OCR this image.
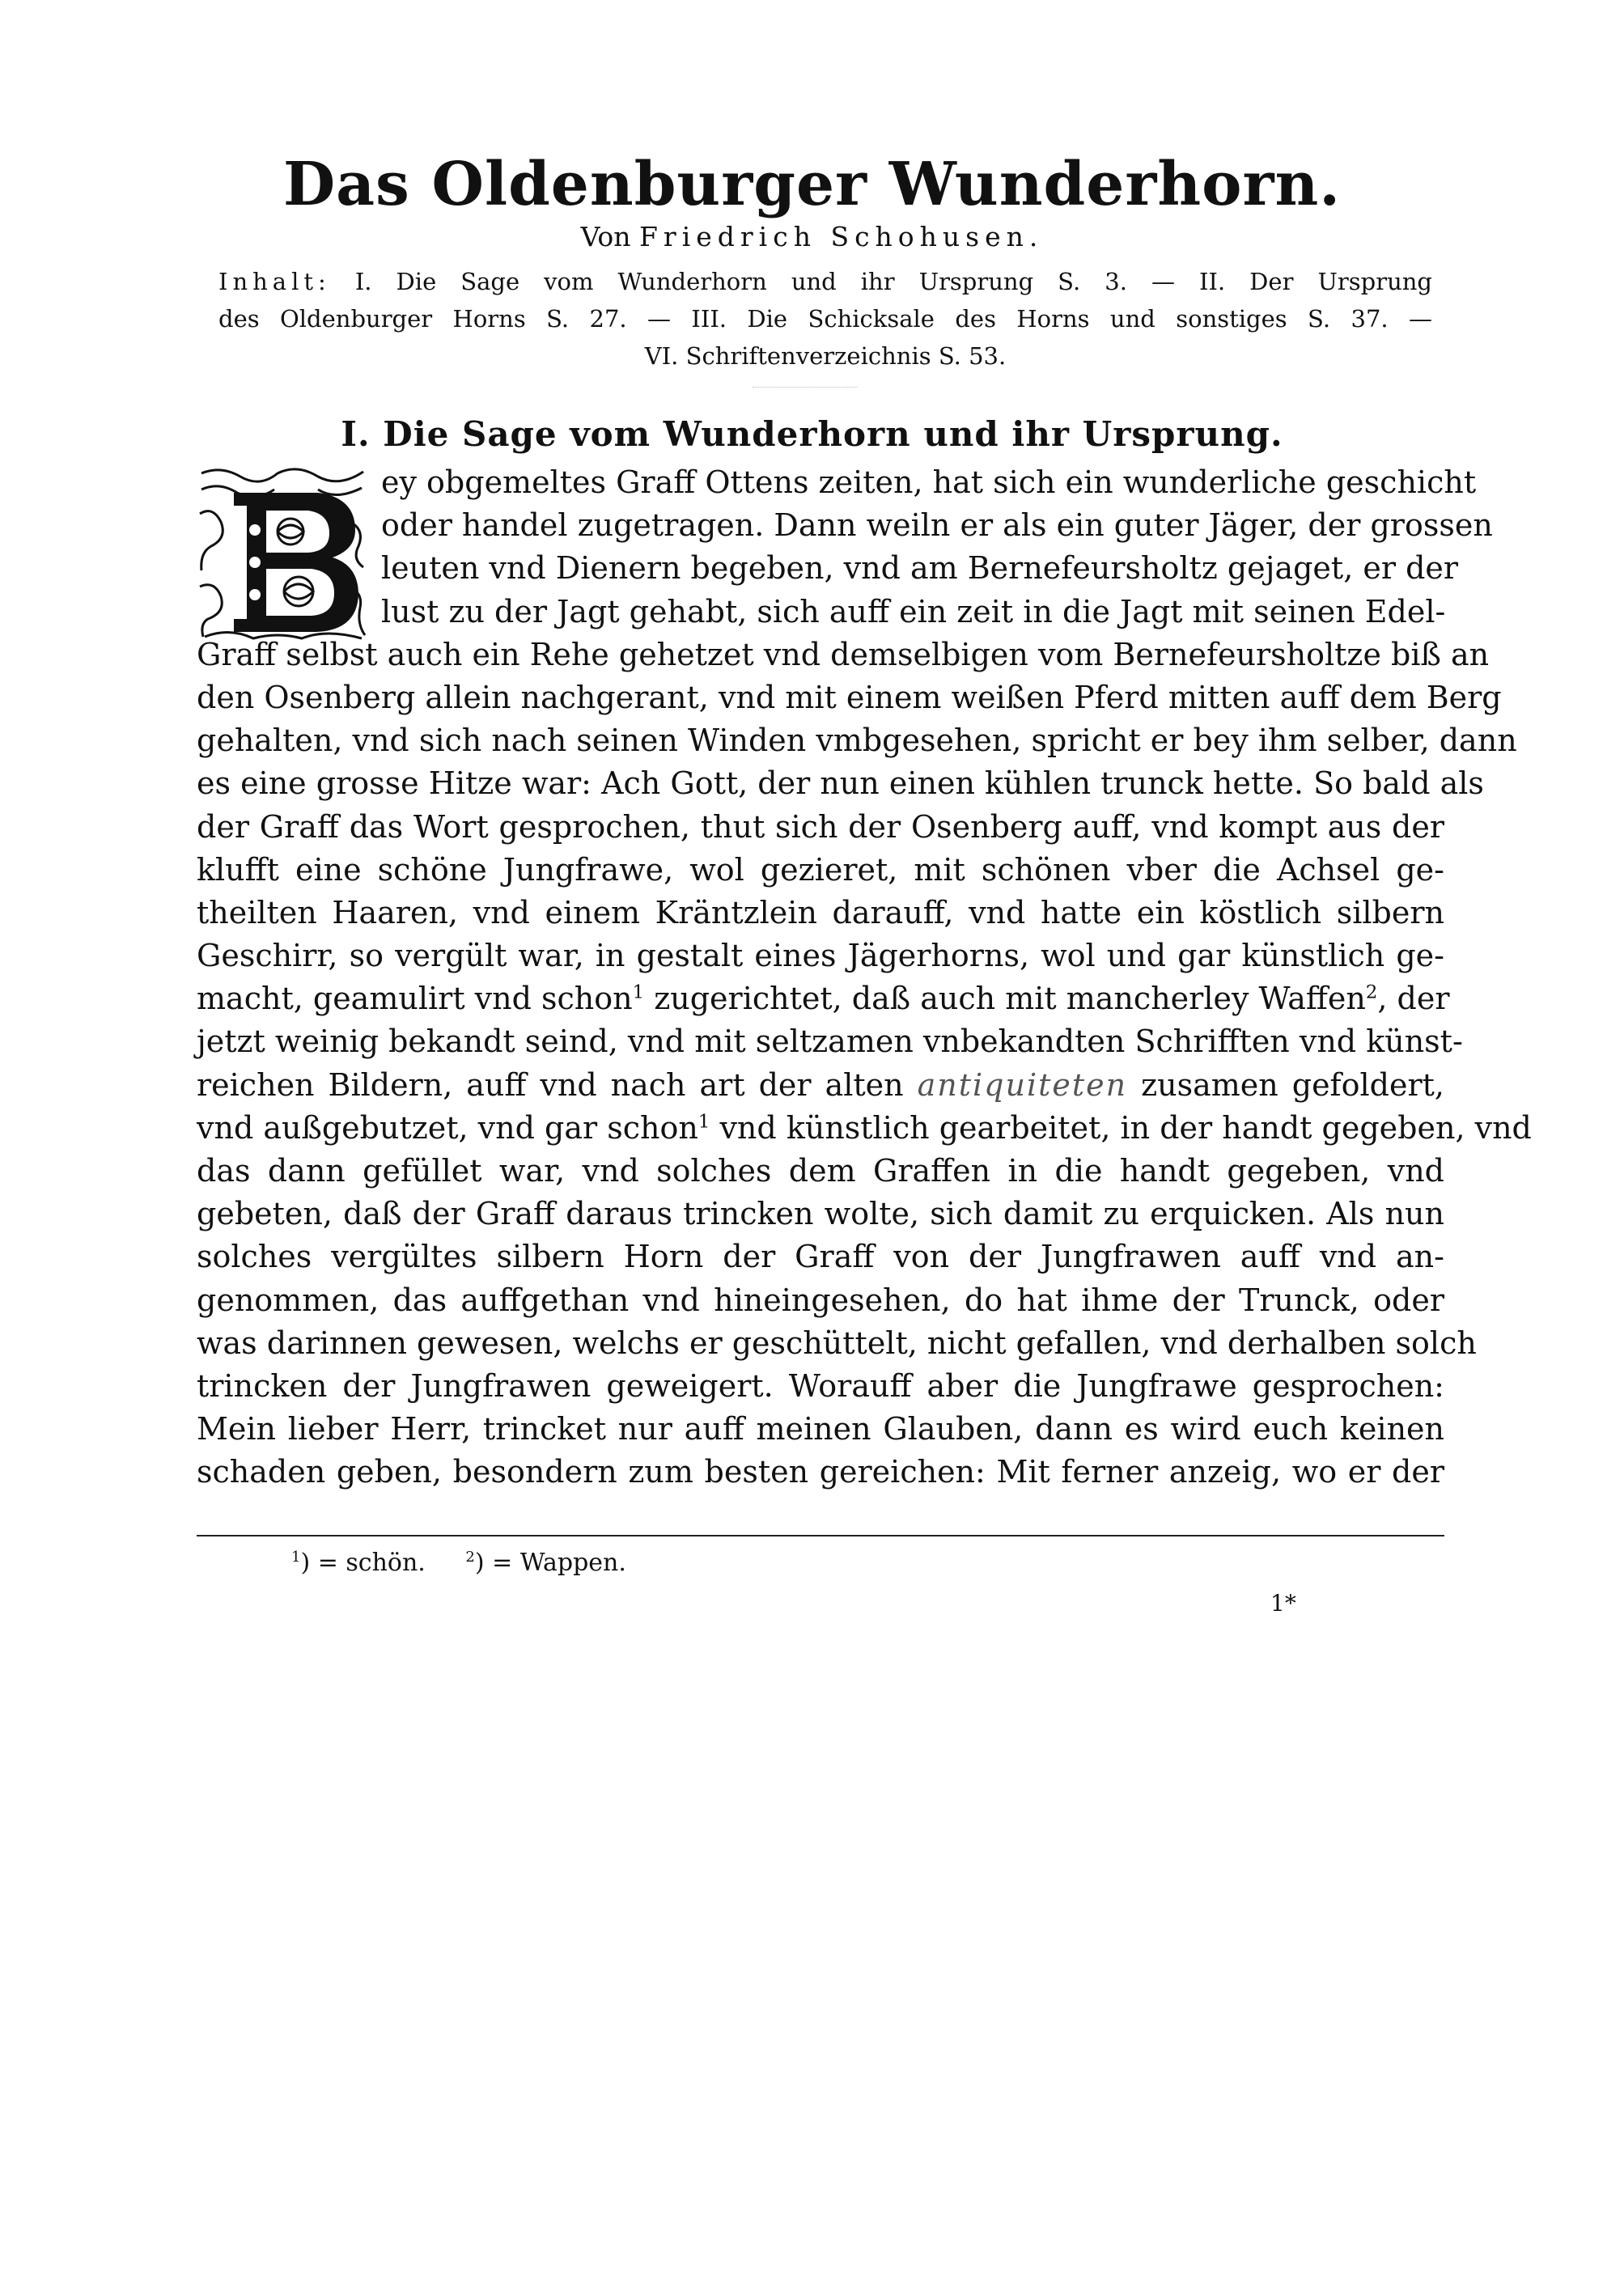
Das Oldenburger Wunderhorn.
Von Friedrich Schohusen.
Inhalt: I. Die Sage vom Wunderhorn und ihr Ursprung S. 3. — II. Der Ursprung
des Oldenburger Horns S. 27. — III. Die Schicksale des Horns und sonstiges S. 37. —
VI. Schriftenverzeichnis S. 53.
I. Die Sage vom Wunderhorn und ihr Ursprung.
ey obgemeltes Graff Ottens zeiten, hat sich ein wunderliche geschicht
oder handel zugetragen. Dann weiln er als ein guter Jäger, der grossen
leuten vnd Dienern begeben, vnd am Bernefeursholtz gejaget, er der
lust zu der Jagt gehabt, sich auff ein zeit in die Jagt mit seinen Edel-
Graff selbst auch ein Rehe gehetzet vnd demselbigen vom Bernefeursholtze biß an
den Osenberg allein nachgerant, vnd mit einem weißen Pferd mitten auff dem Berg
gehalten, vnd sich nach seinen Winden vmbgesehen, spricht er bey ihm selber, dann
es eine grosse Hitze war: Ach Gott, der nun einen kühlen trunck hette. So bald als
der Graff das Wort gesprochen, thut sich der Osenberg auff, vnd kompt aus der
klufft eine schöne Jungfrawe, wol gezieret, mit schönen vber die Achsel ge-
theilten Haaren, vnd einem Kräntzlein darauff, vnd hatte ein köstlich silbern
Geschirr, so vergült war, in gestalt eines Jägerhorns, wol und gar künstlich ge-
macht, geamulirt vnd schon$^1$ zugerichtet, daß auch mit mancherley Waffen$^2$, der
jetzt weinig bekandt seind, vnd mit seltzamen vnbekandten Schrifften vnd künst-
reichen Bildern, auff vnd nach art der alten antiquiteten zusamen gefoldert,
vnd außgebutzet, vnd gar schon$^1$ vnd künstlich gearbeitet, in der handt gegeben, vnd
das dann gefüllet war, vnd solches dem Graffen in die handt gegeben, vnd
gebeten, daß der Graff daraus trincken wolte, sich damit zu erquicken. Als nun
solches vergültes silbern Horn der Graff von der Jungfrawen auff vnd an-
genommen, das auffgethan vnd hineingesehen, do hat ihme der Trunck, oder
was darinnen gewesen, welchs er geschüttelt, nicht gefallen, vnd derhalben solch
trincken der Jungfrawen geweigert. Worauff aber die Jungfrawe gesprochen:
Mein lieber Herr, trincket nur auff meinen Glauben, dann es wird euch keinen
schaden geben, besondern zum besten gereichen: Mit ferner anzeig, wo er der
$^1$) = schön.	$^2$) = Wappen.
1*
